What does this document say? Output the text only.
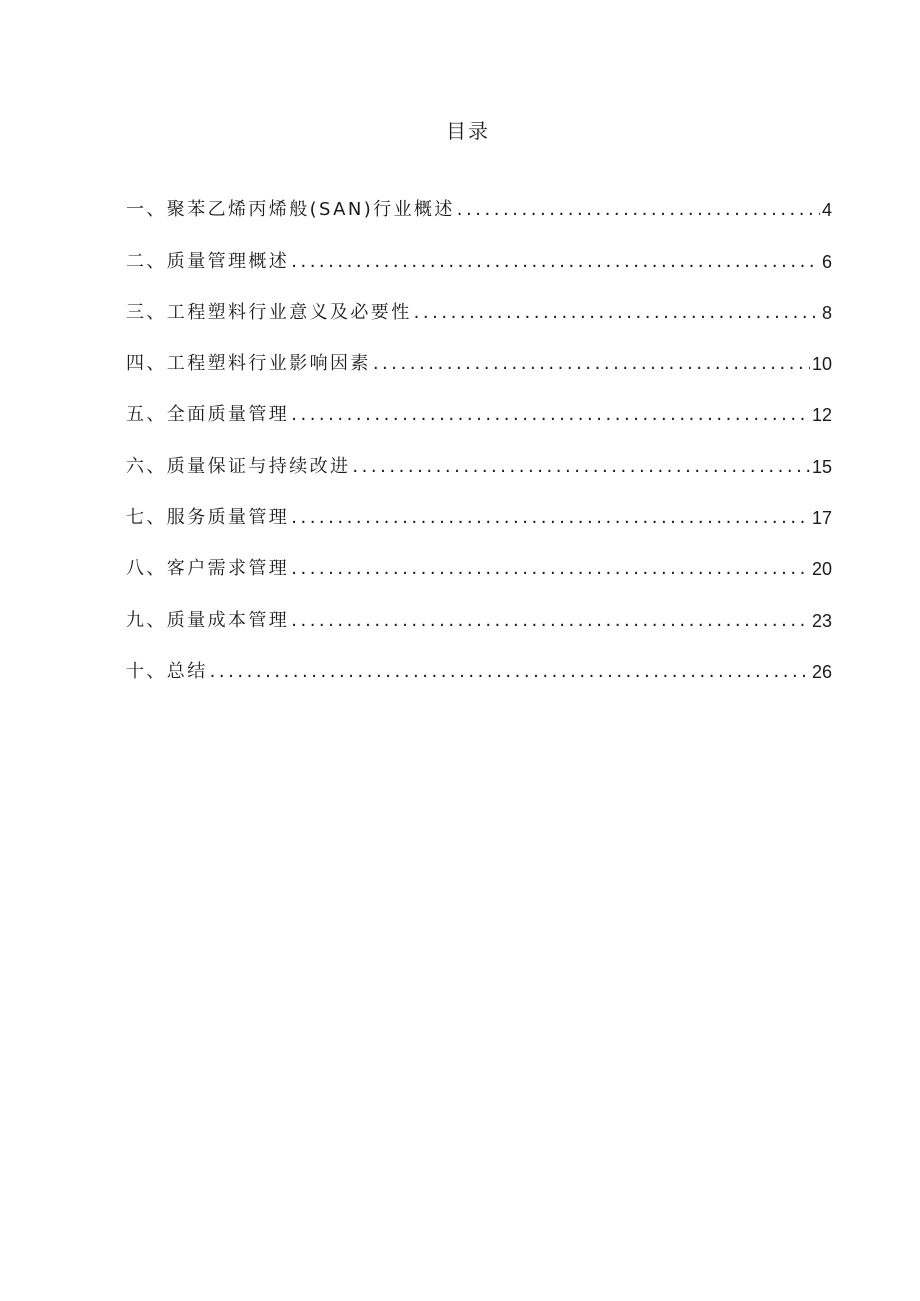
目录
一、聚苯乙烯丙烯般(SAN)行业概述 . . .	4
二、质量管理概述 . . .	6
三、工程塑料行业意义及必要性 . . .	8
四、工程塑料行业影响因素 . . .	10
五、全面质量管理 . . .	12
六、质量保证与持续改进 . . .	15
七、服务质量管理 . . .	17
八、客户需求管理 . . .	20
九、质量成本管理 . . .	23
十、总结 . . .	26
